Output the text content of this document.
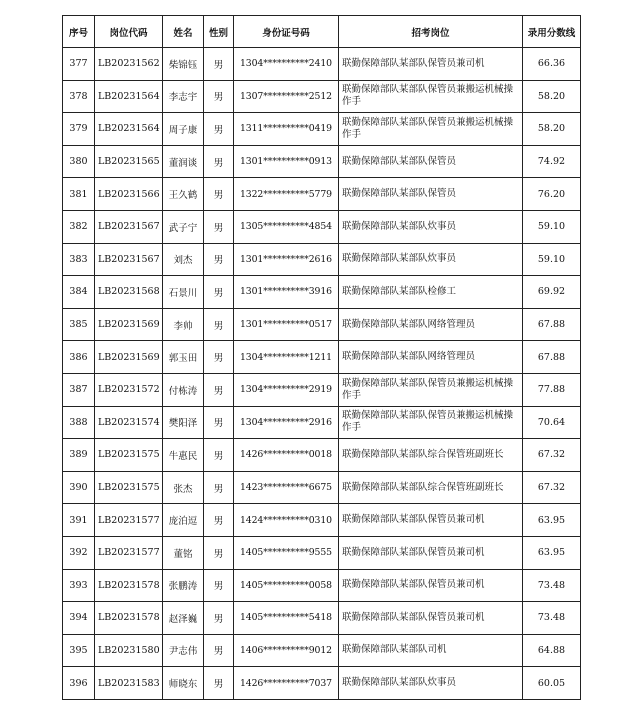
序号	岗位代码	姓名	性别	身份证号码	招考岗位	录用分数线
377	LB20231562	柴锦钰	男	1304**********2410	联勤保障部队某部队保管员兼司机	66.36
378	LB20231564	李志宇	男	1307**********2512	联勤保障部队某部队保管员兼搬运机械操作手	58.20
379	LB20231564	周子康	男	1311**********0419	联勤保障部队某部队保管员兼搬运机械操作手	58.20
380	LB20231565	董润谈	男	1301**********0913	联勤保障部队某部队保管员	74.92
381	LB20231566	王久鹤	男	1322**********5779	联勤保障部队某部队保管员	76.20
382	LB20231567	武子宁	男	1305**********4854	联勤保障部队某部队炊事员	59.10
383	LB20231567	刘杰	男	1301**********2616	联勤保障部队某部队炊事员	59.10
384	LB20231568	石景川	男	1301**********3916	联勤保障部队某部队检修工	69.92
385	LB20231569	李帅	男	1301**********0517	联勤保障部队某部队网络管理员	67.88
386	LB20231569	郭玉田	男	1304**********1211	联勤保障部队某部队网络管理员	67.88
387	LB20231572	付栋涛	男	1304**********2919	联勤保障部队某部队保管员兼搬运机械操作手	77.88
388	LB20231574	樊阳泽	男	1304**********2916	联勤保障部队某部队保管员兼搬运机械操作手	70.64
389	LB20231575	牛惠民	男	1426**********0018	联勤保障部队某部队综合保管班副班长	67.32
390	LB20231575	张杰	男	1423**********6675	联勤保障部队某部队综合保管班副班长	67.32
391	LB20231577	庞泊逗	男	1424**********0310	联勤保障部队某部队保管员兼司机	63.95
392	LB20231577	董铭	男	1405**********9555	联勤保障部队某部队保管员兼司机	63.95
393	LB20231578	张鹏涛	男	1405**********0058	联勤保障部队某部队保管员兼司机	73.48
394	LB20231578	赵泽巍	男	1405**********5418	联勤保障部队某部队保管员兼司机	73.48
395	LB20231580	尹志伟	男	1406**********9012	联勤保障部队某部队司机	64.88
396	LB20231583	师晓东	男	1426**********7037	联勤保障部队某部队炊事员	60.05
